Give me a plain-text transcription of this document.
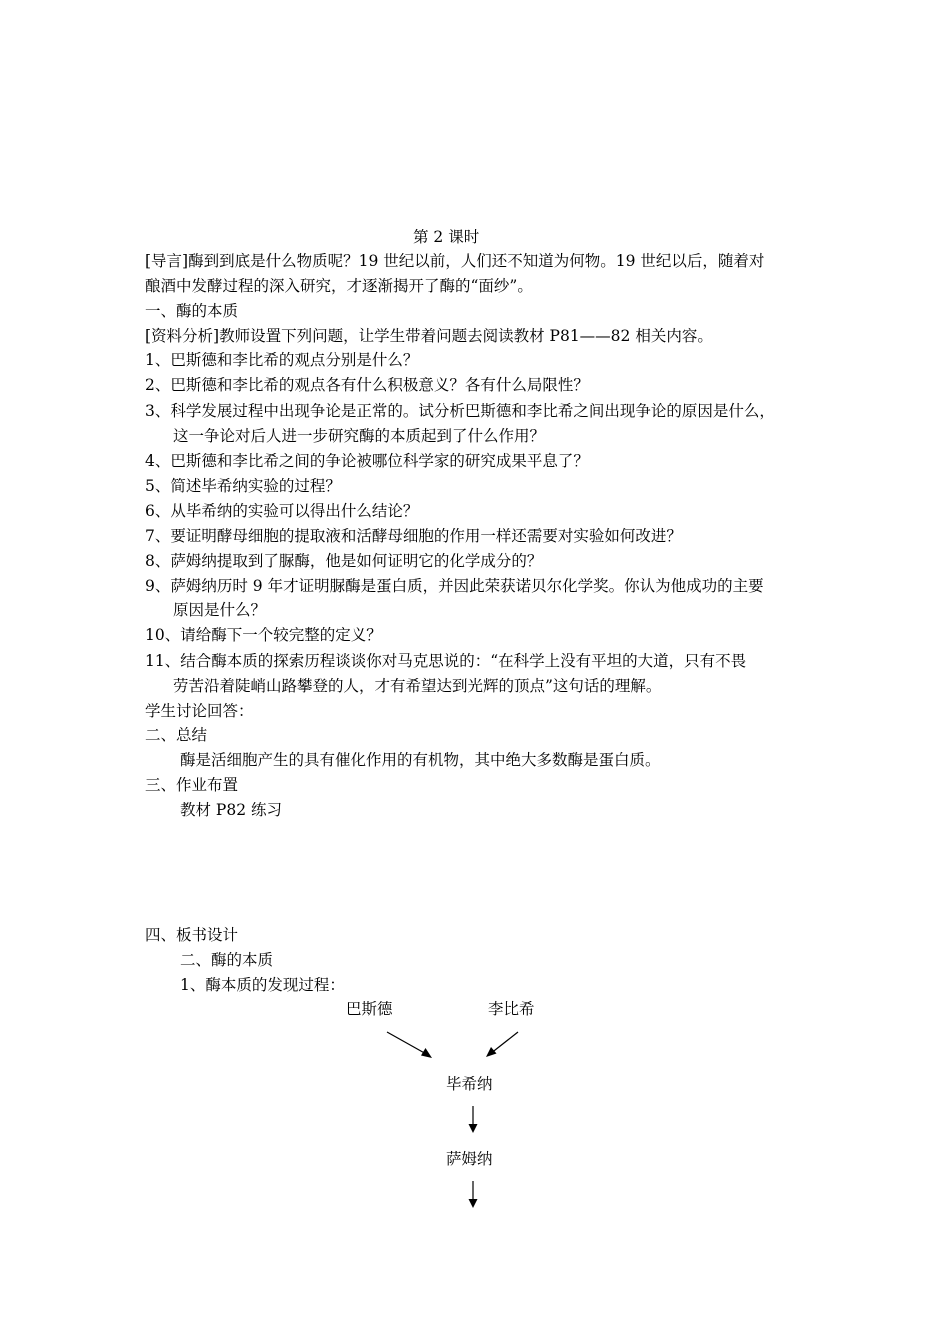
第 2 课时
[导言]酶到到底是什么物质呢？19 世纪以前，人们还不知道为何物。19 世纪以后，随着对
酿酒中发酵过程的深入研究，才逐渐揭开了酶的“面纱”。
一、酶的本质
[资料分析]教师设置下列问题，让学生带着问题去阅读教材 P81——82 相关内容。
1、巴斯德和李比希的观点分别是什么？
2、巴斯德和李比希的观点各有什么积极意义？各有什么局限性？
3、科学发展过程中出现争论是正常的。试分析巴斯德和李比希之间出现争论的原因是什么，
这一争论对后人进一步研究酶的本质起到了什么作用？
4、巴斯德和李比希之间的争论被哪位科学家的研究成果平息了？
5、简述毕希纳实验的过程？
6、从毕希纳的实验可以得出什么结论？
7、要证明酵母细胞的提取液和活酵母细胞的作用一样还需要对实验如何改进？
8、萨姆纳提取到了脲酶，他是如何证明它的化学成分的？
9、萨姆纳历时 9 年才证明脲酶是蛋白质，并因此荣获诺贝尔化学奖。你认为他成功的主要
原因是什么？
10、请给酶下一个较完整的定义？
11、结合酶本质的探索历程谈谈你对马克思说的：“在科学上没有平坦的大道，只有不畏
劳苦沿着陡峭山路攀登的人，才有希望达到光辉的顶点”这句话的理解。
学生讨论回答：
二、总结
酶是活细胞产生的具有催化作用的有机物，其中绝大多数酶是蛋白质。
三、作业布置
教材 P82 练习
四、板书设计
二、酶的本质
1、酶本质的发现过程：
巴斯德	李比希
毕希纳
萨姆纳
